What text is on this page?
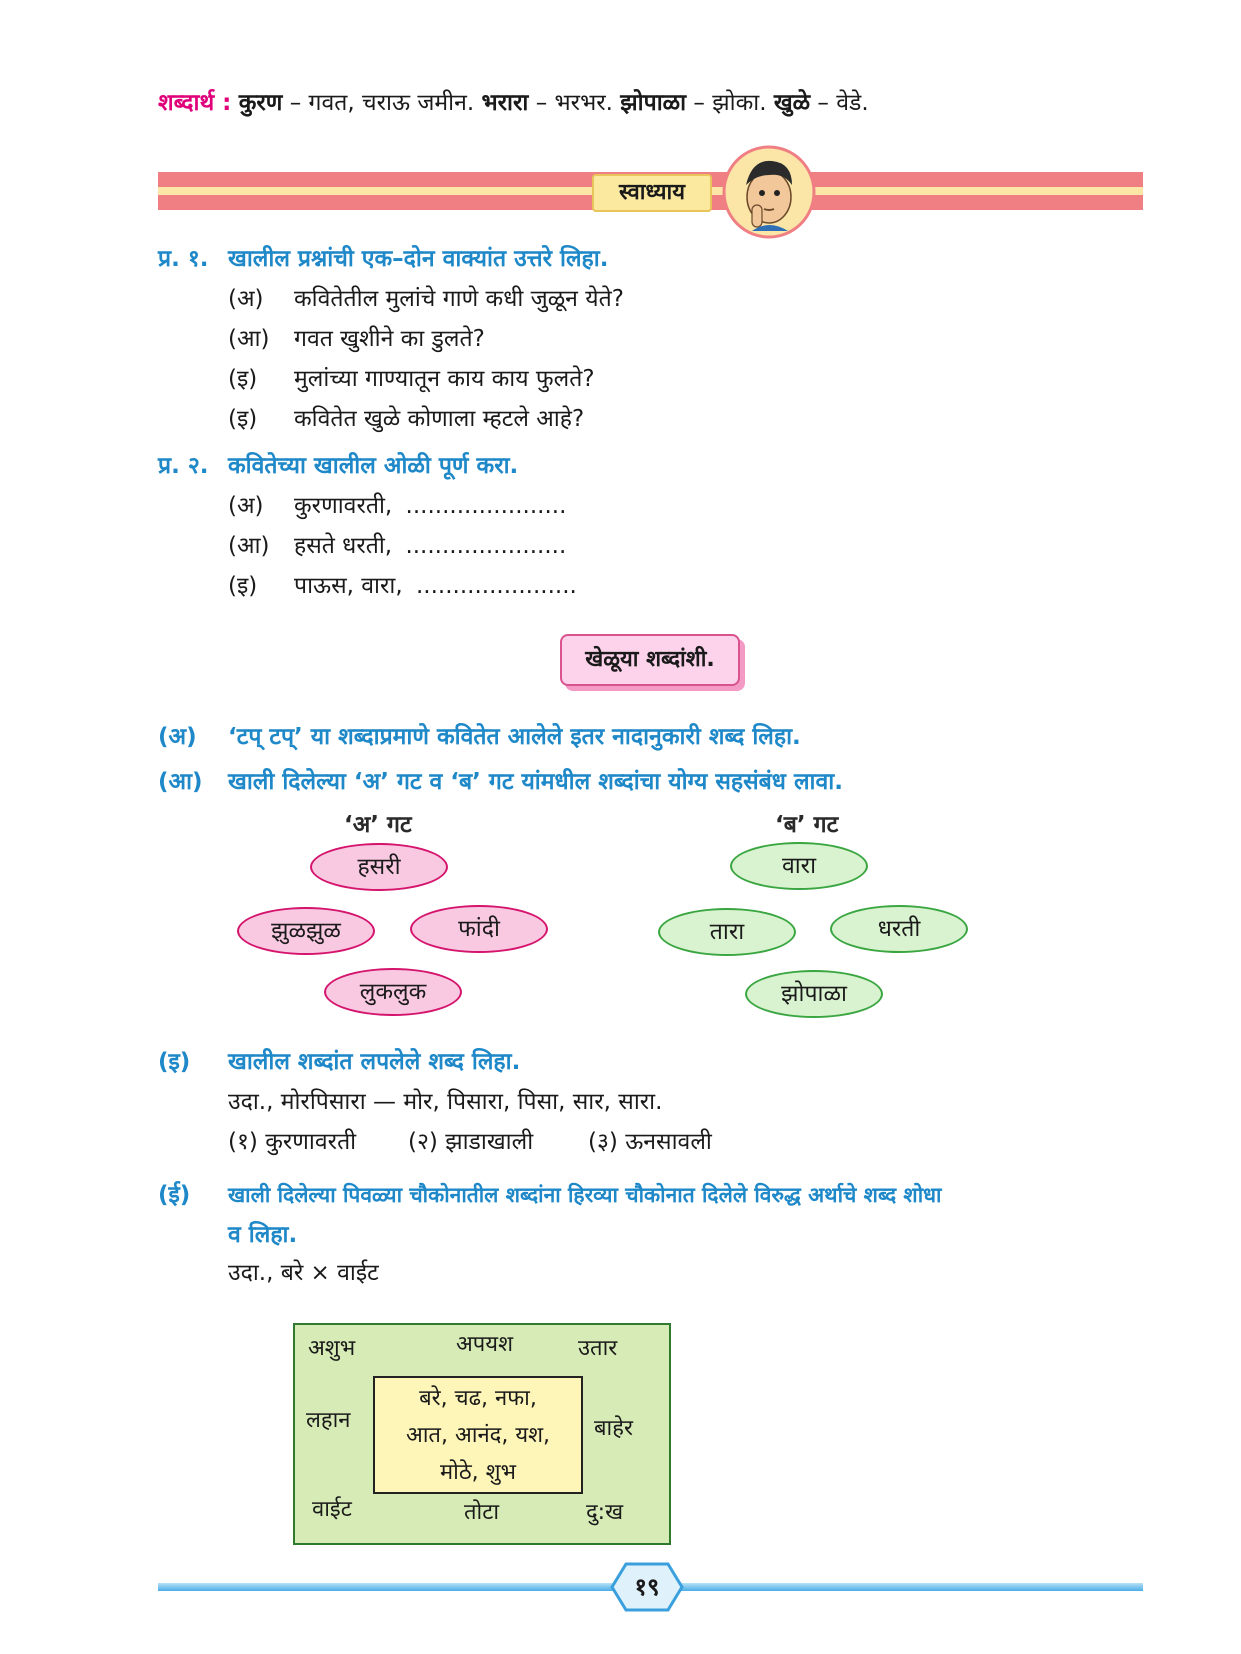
शब्दार्थ : कुरण – गवत, चराऊ जमीन. भरारा – भरभर. झोपाळा – झोका. खुळे – वेडे.
स्वाध्याय
प्र. १. खालील प्रश्नांची एक–दोन वाक्यांत उत्तरे लिहा.
(अ) कवितेतील मुलांचे गाणे कधी जुळून येते?
(आ) गवत खुशीने का डुलते?
(इ) मुलांच्या गाण्यातून काय काय फुलते?
(इ) कवितेत खुळे कोणाला म्हटले आहे?
प्र. २. कवितेच्या खालील ओळी पूर्ण करा.
(अ) कुरणावरती, ......................
(आ) हसते धरती, ......................
(इ) पाऊस, वारा, ......................
खेळूया शब्दांशी.
(अ) ‘टप् टप्’ या शब्दाप्रमाणे कवितेत आलेले इतर नादानुकारी शब्द लिहा.
(आ) खाली दिलेल्या ‘अ’ गट व ‘ब’ गट यांमधील शब्दांचा योग्य सहसंबंध लावा.
‘अ’ गट	‘ब’ गट
हसरी
झुळझुळ	फांदी
लुकलुक
वारा
तारा	धरती
झोपाळा
(इ) खालील शब्दांत लपलेले शब्द लिहा.
उदा., मोरपिसारा — मोर, पिसारा, पिसा, सार, सारा.
(१) कुरणावरती (२) झाडाखाली (३) ऊनसावली
(ई) खाली दिलेल्या पिवळ्या चौकोनातील शब्दांना हिरव्या चौकोनात दिलेले विरुद्ध अर्थाचे शब्द शोधा
व लिहा.
उदा., बरे × वाईट
अशुभ	अपयश	उतार
लहान	बाहेर
वाईट	तोटा	दु:ख
बरे, चढ, नफा,
आत, आनंद, यश,
मोठे, शुभ
१९
